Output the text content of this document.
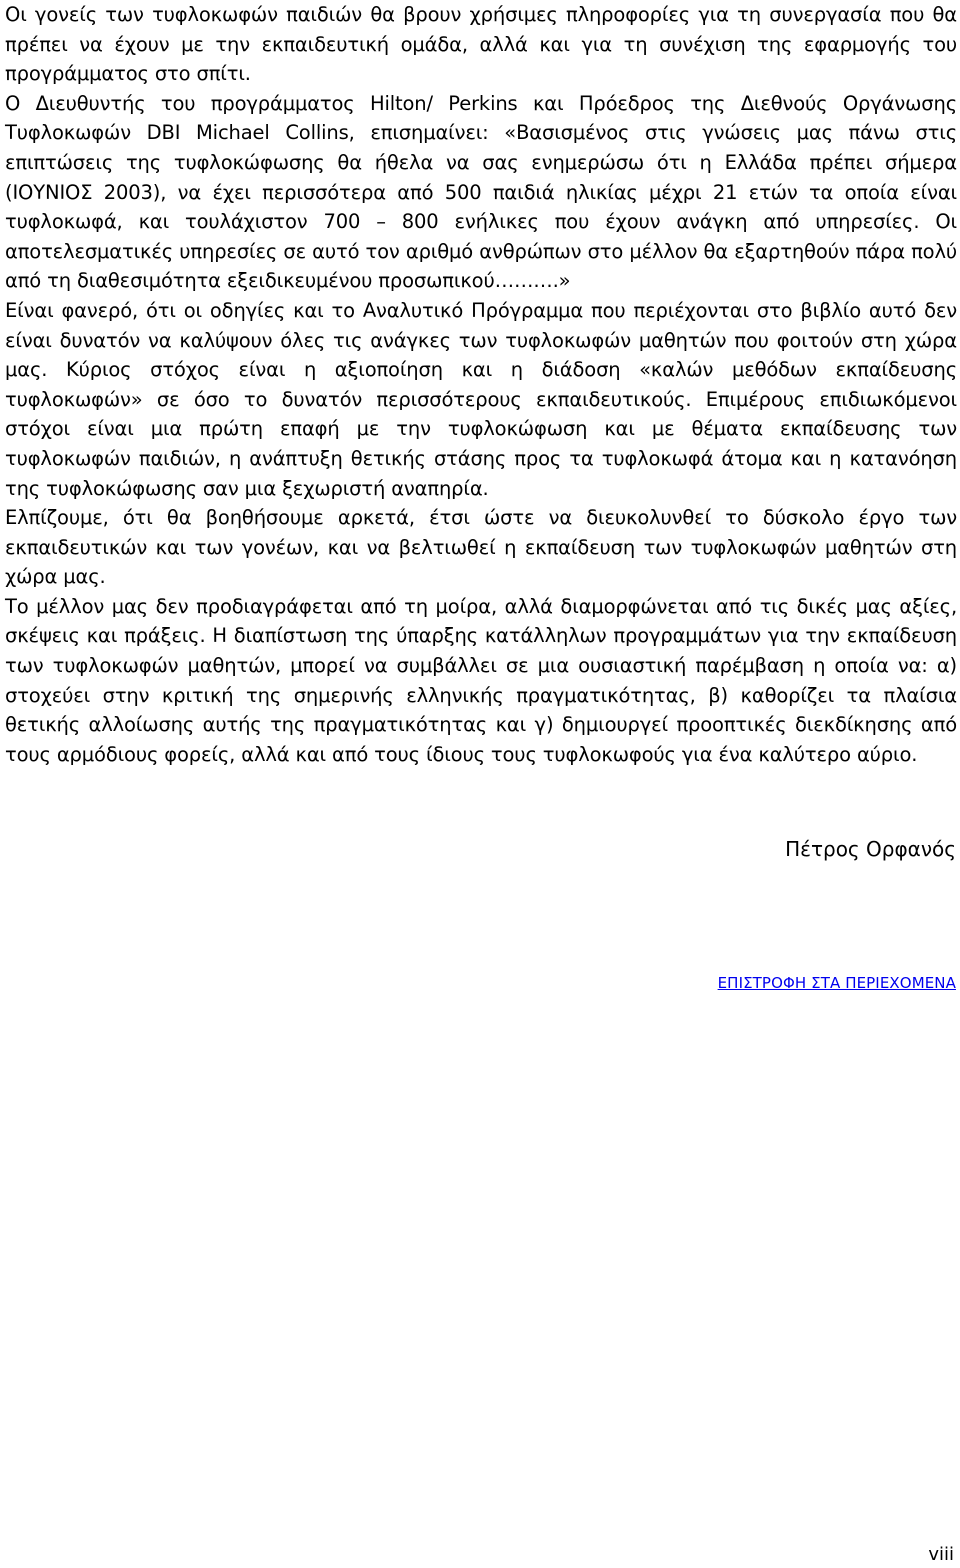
Οι γονείς των τυφλοκωφών παιδιών θα βρουν χρήσιμες πληροφορίες για τη συνεργασία που θα πρέπει να έχουν με την εκπαιδευτική ομάδα, αλλά και για τη συνέχιση της εφαρμογής του προγράμματος στο σπίτι.

Ο Διευθυντής του προγράμματος Hilton/ Perkins και Πρόεδρος της Διεθνούς Οργάνωσης Τυφλοκωφών DBI Michael Collins, επισημαίνει: «Βασισμένος στις γνώσεις μας πάνω στις επιπτώσεις της τυφλοκώφωσης θα ήθελα να σας ενημερώσω ότι η Ελλάδα πρέπει σήμερα (ΙΟΥΝΙΟΣ 2003), να έχει περισσότερα από 500 παιδιά ηλικίας μέχρι 21 ετών τα οποία είναι τυφλοκωφά, και τουλάχιστον 700 – 800 ενήλικες που έχουν ανάγκη από υπηρεσίες. Οι αποτελεσματικές υπηρεσίες σε αυτό τον αριθμό ανθρώπων στο μέλλον θα εξαρτηθούν πάρα πολύ από τη διαθεσιμότητα εξειδικευμένου προσωπικού……….»

Είναι φανερό, ότι οι οδηγίες και το Αναλυτικό Πρόγραμμα που περιέχονται στο βιβλίο αυτό δεν είναι δυνατόν να καλύψουν όλες τις ανάγκες των τυφλοκωφών μαθητών που φοιτούν στη χώρα μας. Κύριος στόχος είναι η αξιοποίηση και η διάδοση «καλών μεθόδων εκπαίδευσης τυφλοκωφών» σε όσο το δυνατόν περισσότερους εκπαιδευτικούς. Επιμέρους επιδιωκόμενοι στόχοι είναι μια πρώτη επαφή με την τυφλοκώφωση και με θέματα εκπαίδευσης των τυφλοκωφών παιδιών, η ανάπτυξη θετικής στάσης προς τα τυφλοκωφά άτομα και η κατανόηση της τυφλοκώφωσης σαν μια ξεχωριστή αναπηρία.

Ελπίζουμε, ότι θα βοηθήσουμε αρκετά, έτσι ώστε να διευκολυνθεί το δύσκολο έργο των εκπαιδευτικών και των γονέων, και να βελτιωθεί η εκπαίδευση των τυφλοκωφών μαθητών στη χώρα μας.

Το μέλλον μας δεν προδιαγράφεται από τη μοίρα, αλλά διαμορφώνεται από τις δικές μας αξίες, σκέψεις και πράξεις. Η διαπίστωση της ύπαρξης κατάλληλων προγραμμάτων για την εκπαίδευση των τυφλοκωφών μαθητών, μπορεί να συμβάλλει σε μια ουσιαστική παρέμβαση η οποία να: α) στοχεύει στην κριτική της σημερινής ελληνικής πραγματικότητας, β) καθορίζει τα πλαίσια θετικής αλλοίωσης αυτής της πραγματικότητας και γ) δημιουργεί προοπτικές διεκδίκησης από τους αρμόδιους φορείς, αλλά και από τους ίδιους τους τυφλοκωφούς για ένα καλύτερο αύριο.

Πέτρος Ορφανός
ΕΠΙΣΤΡΟΦΗ ΣΤΑ ΠΕΡΙΕΧΟΜΕΝΑ
viii
